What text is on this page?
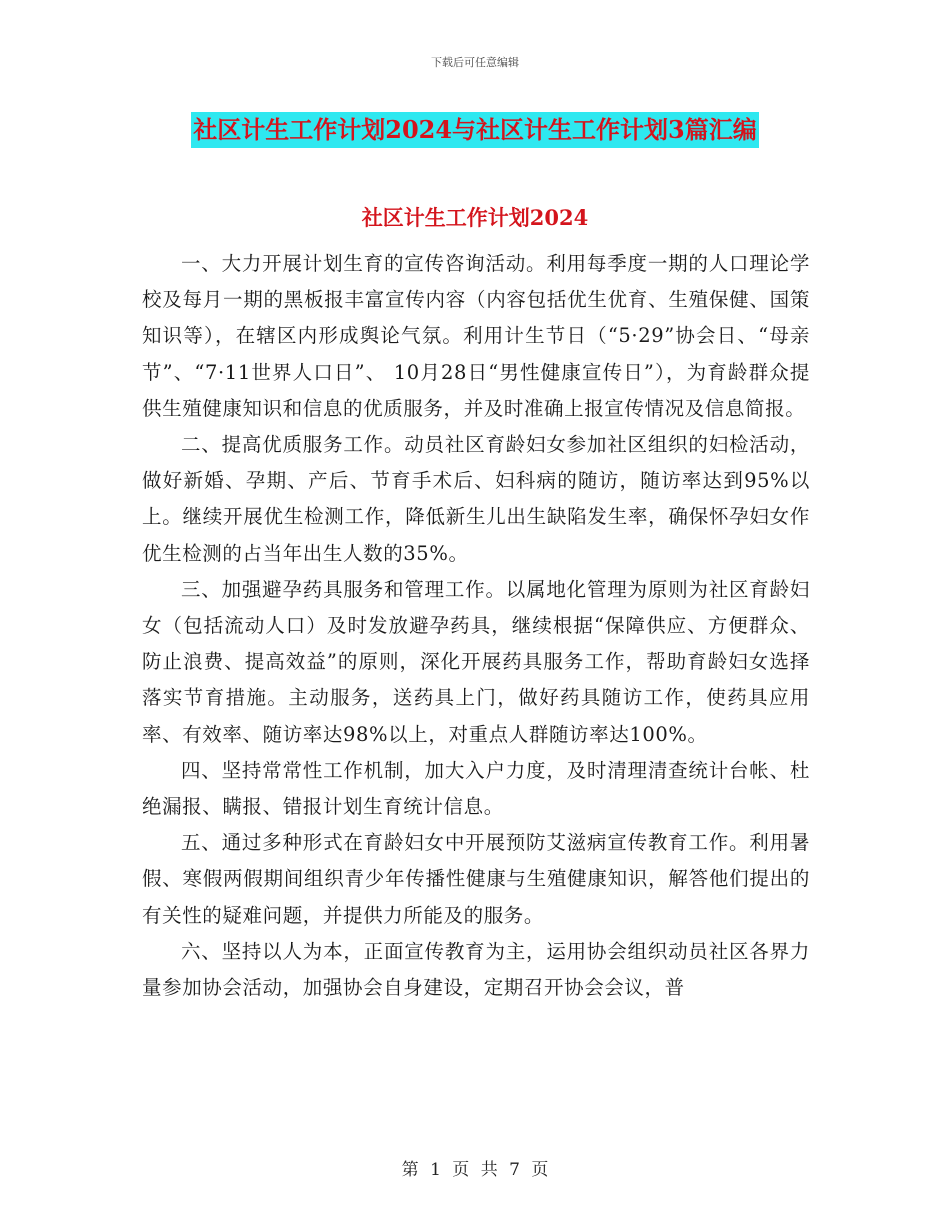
下载后可任意编辑
社区计生工作计划2024与社区计生工作计划3篇汇编
社区计生工作计划2024

一、大力开展计划生育的宣传咨询活动。利用每季度一期的人口理论学校及每月一期的黑板报丰富宣传内容（内容包括优生优育、生殖保健、国策知识等），在辖区内形成舆论气氛。利用计生节日（“5·29”协会日、“母亲节”、“7·11世界人口日”、 10月28日“男性健康宣传日”），为育龄群众提供生殖健康知识和信息的优质服务，并及时准确上报宣传情况及信息简报。

二、提高优质服务工作。动员社区育龄妇女参加社区组织的妇检活动，做好新婚、孕期、产后、节育手术后、妇科病的随访，随访率达到95%以上。继续开展优生检测工作，降低新生儿出生缺陷发生率，确保怀孕妇女作优生检测的占当年出生人数的35%。

三、加强避孕药具服务和管理工作。以属地化管理为原则为社区育龄妇女（包括流动人口）及时发放避孕药具，继续根据“保障供应、方便群众、防止浪费、提高效益”的原则，深化开展药具服务工作，帮助育龄妇女选择落实节育措施。主动服务，送药具上门，做好药具随访工作，使药具应用率、有效率、随访率达98%以上，对重点人群随访率达100%。

四、坚持常常性工作机制，加大入户力度，及时清理清查统计台帐、杜绝漏报、瞒报、错报计划生育统计信息。

五、通过多种形式在育龄妇女中开展预防艾滋病宣传教育工作。利用暑假、寒假两假期间组织青少年传播性健康与生殖健康知识，解答他们提出的有关性的疑难问题，并提供力所能及的服务。

六、坚持以人为本，正面宣传教育为主，运用协会组织动员社区各界力量参加协会活动，加强协会自身建设，定期召开协会会议，普

第 1 页 共 7 页
